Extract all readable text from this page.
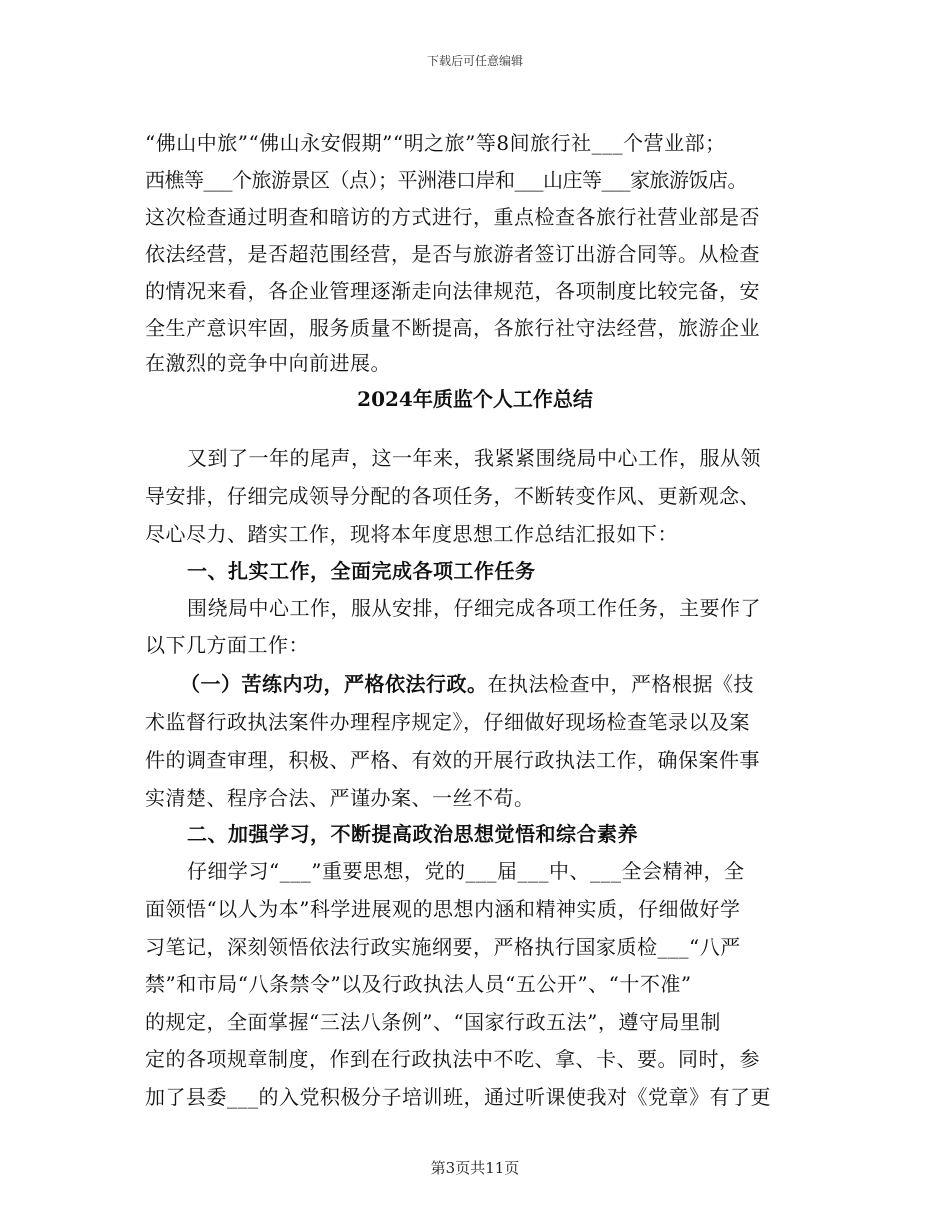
下载后可任意编辑
“佛山中旅”“佛山永安假期”“明之旅”等8间旅行社___个营业部；
西樵等___个旅游景区（点）；平洲港口岸和___山庄等___家旅游饭店。
这次检查通过明查和暗访的方式进行，重点检查各旅行社营业部是否
依法经营，是否超范围经营，是否与旅游者签订出游合同等。从检查
的情况来看，各企业管理逐渐走向法律规范，各项制度比较完备，安
全生产意识牢固，服务质量不断提高，各旅行社守法经营，旅游企业
在激烈的竞争中向前进展。
2024年质监个人工作总结
又到了一年的尾声，这一年来，我紧紧围绕局中心工作，服从领
导安排，仔细完成领导分配的各项任务，不断转变作风、更新观念、
尽心尽力、踏实工作，现将本年度思想工作总结汇报如下：
一、扎实工作，全面完成各项工作任务
围绕局中心工作，服从安排，仔细完成各项工作任务，主要作了
以下几方面工作：
（一）苦练内功，严格依法行政。在执法检查中，严格根据《技
术监督行政执法案件办理程序规定》，仔细做好现场检查笔录以及案
件的调查审理，积极、严格、有效的开展行政执法工作，确保案件事
实清楚、程序合法、严谨办案、一丝不苟。
二、加强学习，不断提高政治思想觉悟和综合素养
仔细学习“___”重要思想，党的___届___中、___全会精神，全
面领悟“以人为本”科学进展观的思想内涵和精神实质，仔细做好学
习笔记，深刻领悟依法行政实施纲要，严格执行国家质检___“八严
禁”和市局“八条禁令”以及行政执法人员“五公开”、“十不准”
的规定，全面掌握“三法八条例”、“国家行政五法”，遵守局里制
定的各项规章制度，作到在行政执法中不吃、拿、卡、要。同时，参
加了县委___的入党积极分子培训班，通过听课使我对《党章》有了更
第3页共11页
